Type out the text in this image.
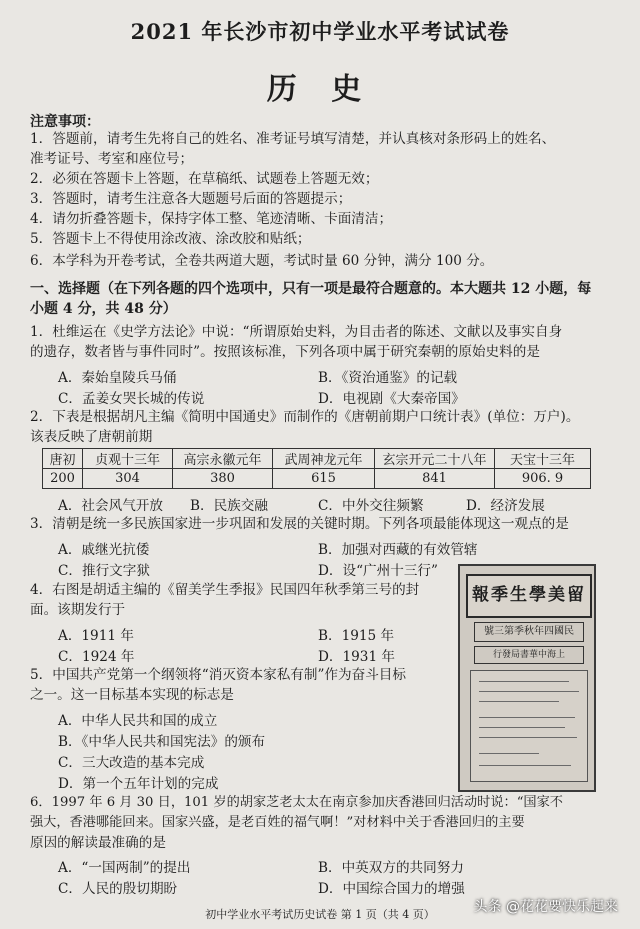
2021 年长沙市初中学业水平考试试卷
历 史
注意事项：
1．答题前，请考生先将自己的姓名、准考证号填写清楚，并认真核对条形码上的姓名、
准考证号、考室和座位号；
2．必须在答题卡上答题，在草稿纸、试题卷上答题无效；
3．答题时，请考生注意各大题题号后面的答题提示；
4．请勿折叠答题卡，保持字体工整、笔迹清晰、卡面清洁；
5．答题卡上不得使用涂改液、涂改胶和贴纸；
6．本学科为开卷考试，全卷共两道大题，考试时量 60 分钟，满分 100 分。
一、选择题（在下列各题的四个选项中，只有一项是最符合题意的。本大题共 12 小题，每
小题 4 分，共 48 分）
1．杜维运在《史学方法论》中说：“所谓原始史料，为目击者的陈述、文献以及事实自身
的遗存，数者皆与事件同时”。按照该标准，下列各项中属于研究秦朝的原始史料的是
A．秦始皇陵兵马俑	B．《资治通鉴》的记载
C．孟姜女哭长城的传说	D．电视剧《大秦帝国》
2．下表是根据胡凡主编《简明中国通史》而制作的《唐朝前期户口统计表》(单位：万户)。
该表反映了唐朝前期
唐初	贞观十三年	高宗永徽元年	武周神龙元年	玄宗开元二十八年	天宝十三年
200	304	380	615	841	906. 9
A．社会风气开放 B．民族交融	C．中外交往频繁	D．经济发展
3．清朝是统一多民族国家进一步巩固和发展的关键时期。下列各项最能体现这一观点的是
A．戚继光抗倭	B．加强对西藏的有效管辖
C．推行文字狱	D．设“广州十三行”
4．右图是胡适主编的《留美学生季报》民国四年秋季第三号的封
面。该期发行于
A．1911 年	B．1915 年
C．1924 年	D．1931 年
報季生學美留
號三第季秋年四國民
行發局書華中海上
5．中国共产党第一个纲领将“消灭资本家私有制”作为奋斗目标
之一。这一目标基本实现的标志是
A．中华人民共和国的成立
B．《中华人民共和国宪法》的颁布
C．三大改造的基本完成
D．第一个五年计划的完成
6．1997 年 6 月 30 日，101 岁的胡家芝老太太在南京参加庆香港回归活动时说：“国家不
强大，香港哪能回来。国家兴盛，是老百姓的福气啊！”对材料中关于香港回归的主要
原因的解读最准确的是
A．“一国两制”的提出	B．中英双方的共同努力
C．人民的殷切期盼	D．中国综合国力的增强
初中学业水平考试历史试卷 第 1 页（共 4 页）	头条 @花花要快乐起来
